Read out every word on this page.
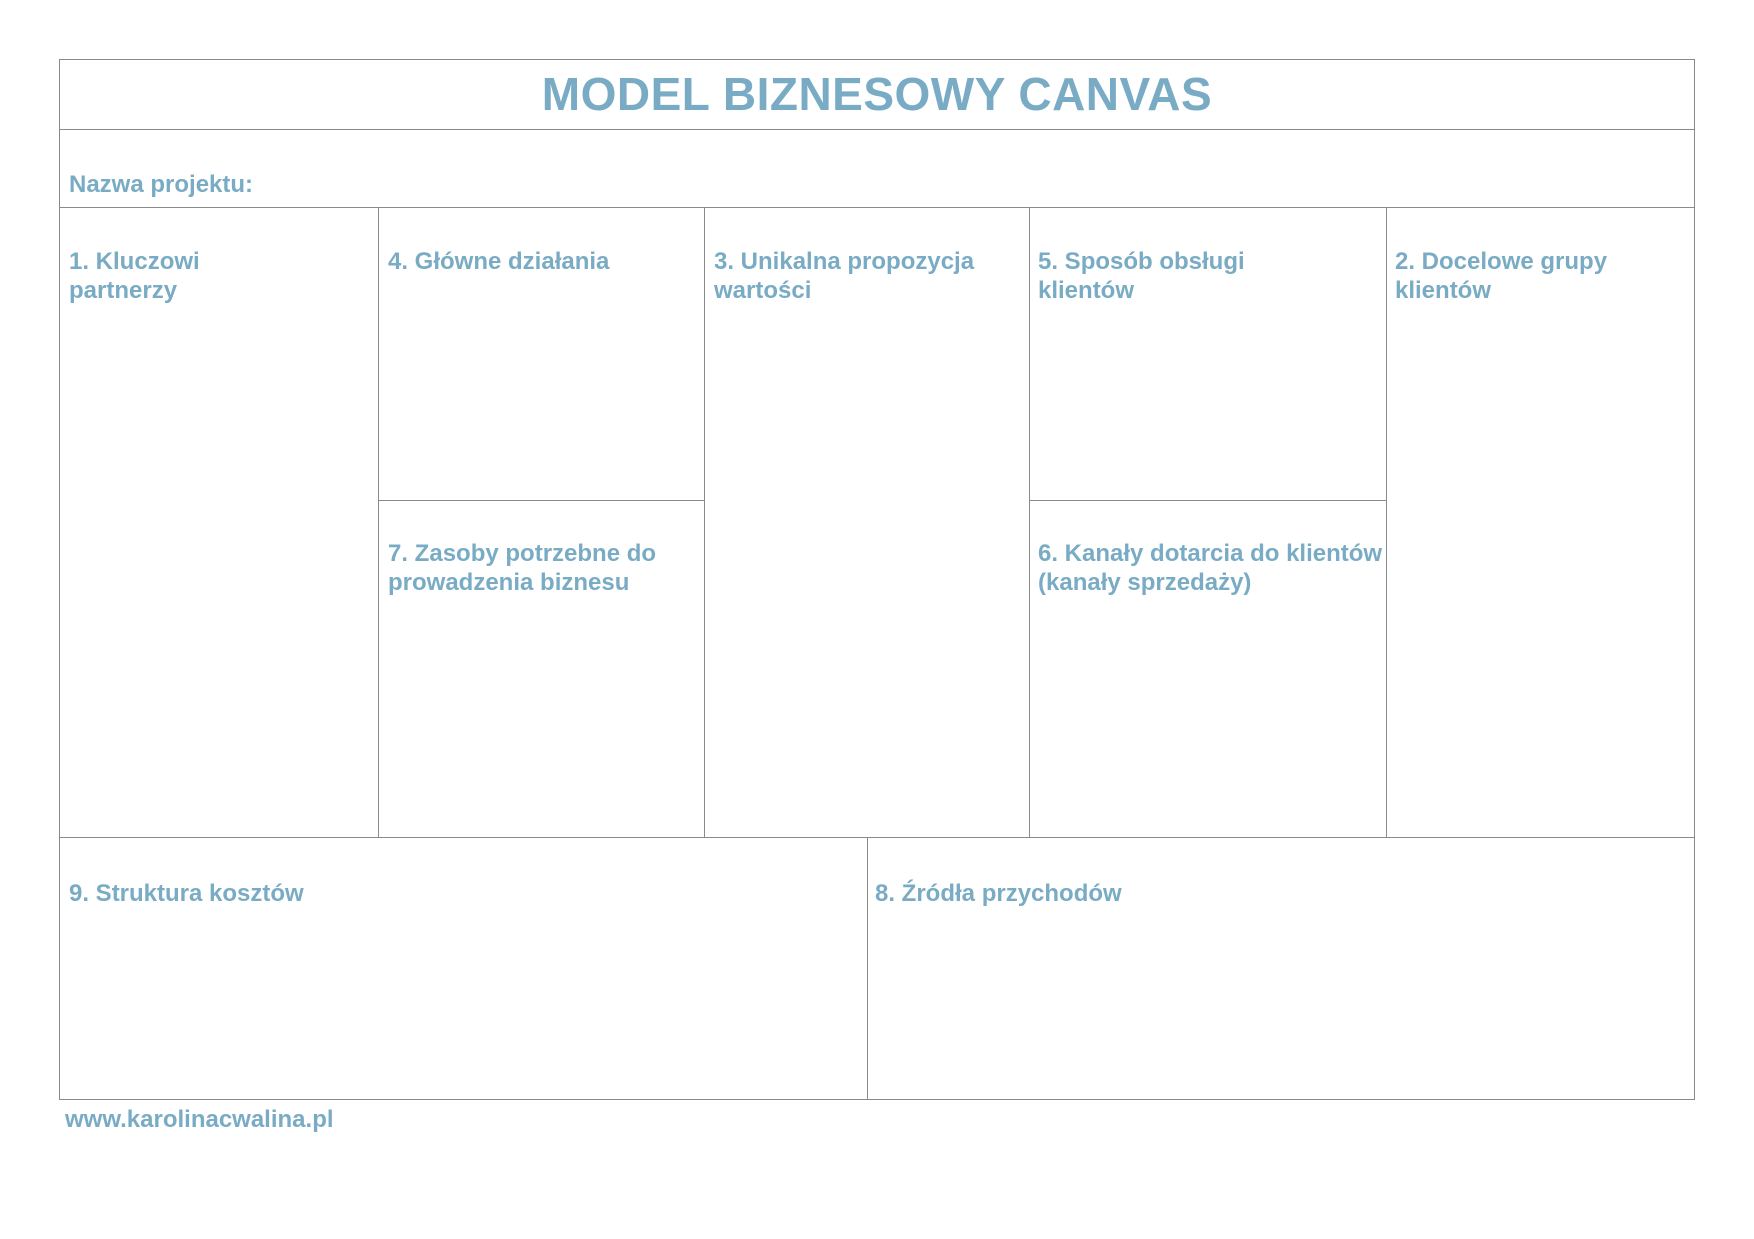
MODEL BIZNESOWY CANVAS
Nazwa projektu:
1. Kluczowi partnerzy
4. Główne działania	3. Unikalna propozycja wartości
5. Sposób obsługi klientów
2. Docelowe grupy klientów
7. Zasoby potrzebne do prowadzenia biznesu
6. Kanały dotarcia do klientów (kanały sprzedaży)
9. Struktura kosztów	8. Źródła przychodów
www.karolinacwalina.pl
